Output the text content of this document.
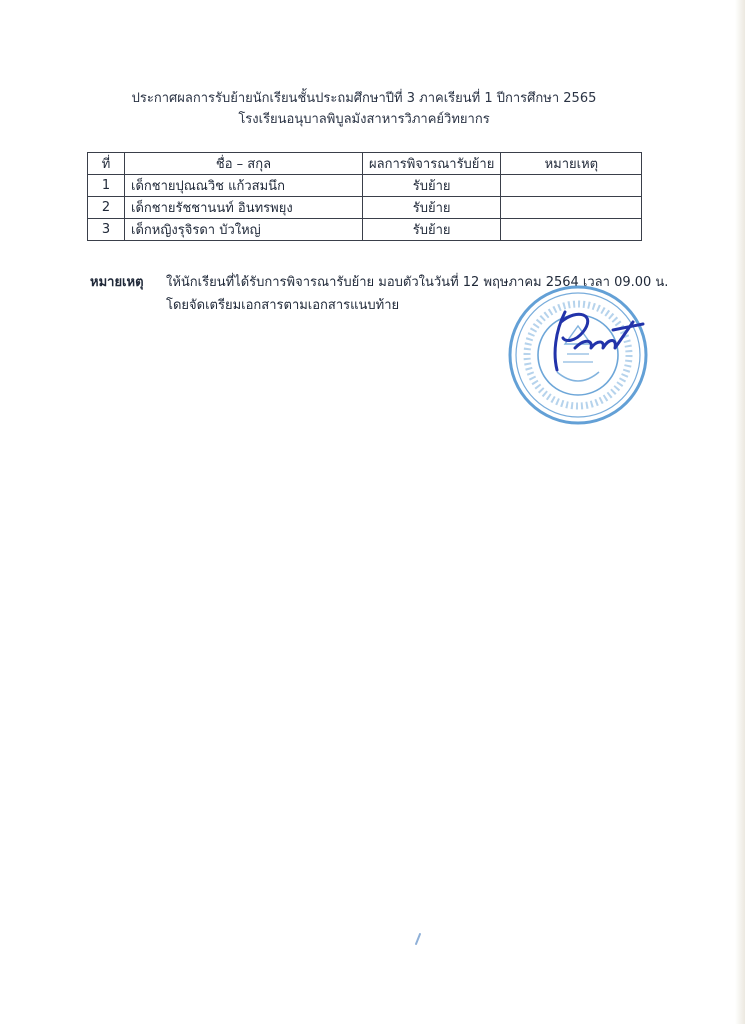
ประกาศผลการรับย้ายนักเรียนชั้นประถมศึกษาปีที่ 3 ภาคเรียนที่ 1 ปีการศึกษา 2565
โรงเรียนอนุบาลพิบูลมังสาหารวิภาคย์วิทยากร
ที่	ชื่อ – สกุล	ผลการพิจารณารับย้าย	หมายเหตุ
1	เด็กชายปุณณวิช แก้วสมนึก	รับย้าย	
2	เด็กชายรัชชานนท์ อินทรพยุง	รับย้าย	
3	เด็กหญิงรุจิรดา บัวใหญ่	รับย้าย	
หมายเหตุ ให้นักเรียนที่ได้รับการพิจารณารับย้าย มอบตัวในวันที่ 12 พฤษภาคม 2564 เวลา 09.00 น.
โดยจัดเตรียมเอกสารตามเอกสารแนบท้าย
